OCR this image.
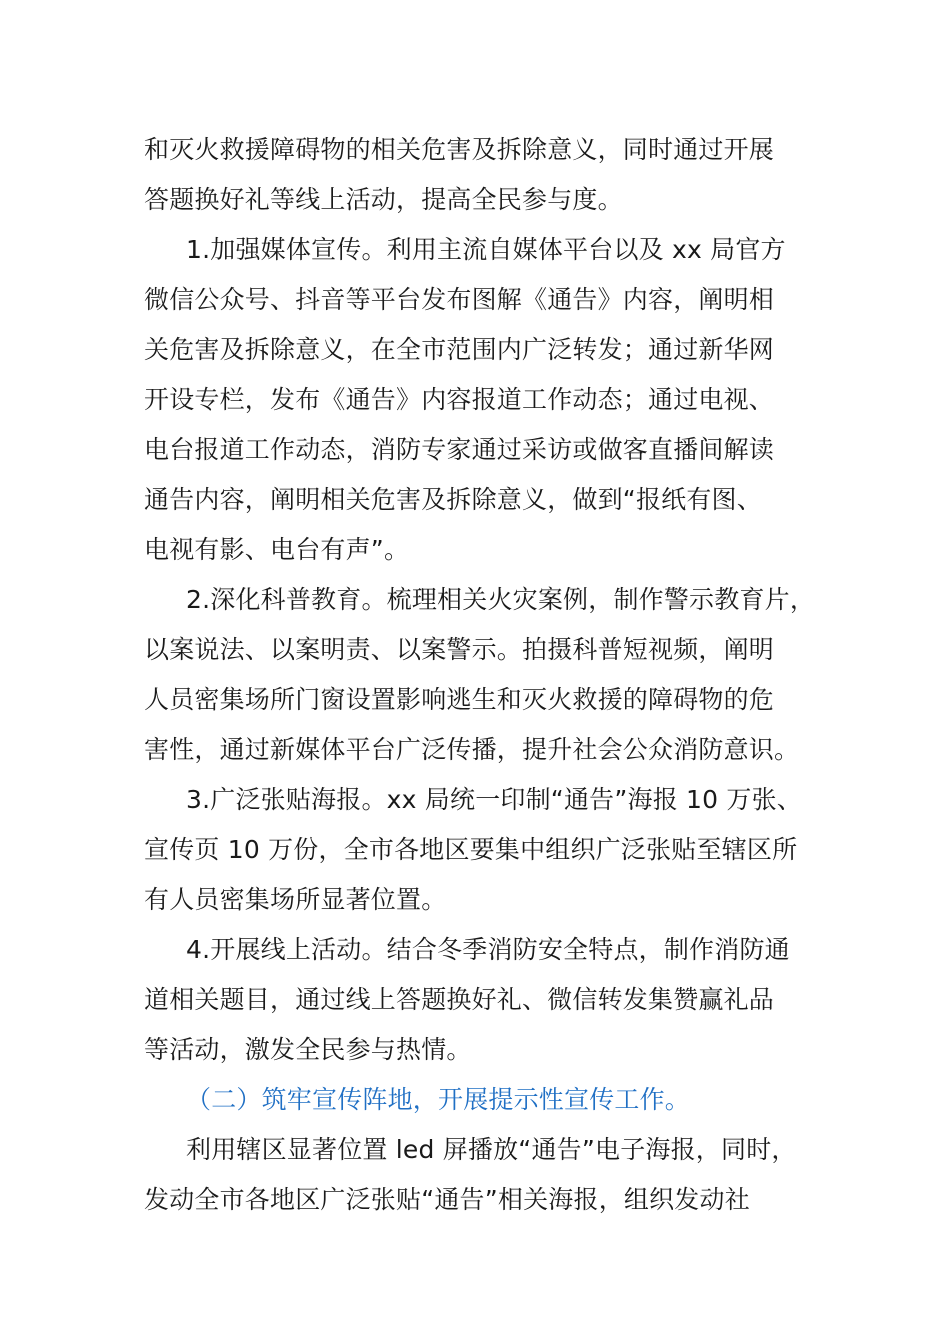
和灭火救援障碍物的相关危害及拆除意义，同时通过开展
答题换好礼等线上活动，提高全民参与度。
1.加强媒体宣传。利用主流自媒体平台以及 xx 局官方
微信公众号、抖音等平台发布图解《通告》内容，阐明相
关危害及拆除意义，在全市范围内广泛转发；通过新华网
开设专栏，发布《通告》内容报道工作动态；通过电视、
电台报道工作动态，消防专家通过采访或做客直播间解读
通告内容，阐明相关危害及拆除意义，做到“报纸有图、
电视有影、电台有声”。
2.深化科普教育。梳理相关火灾案例，制作警示教育片，
以案说法、以案明责、以案警示。拍摄科普短视频，阐明
人员密集场所门窗设置影响逃生和灭火救援的障碍物的危
害性，通过新媒体平台广泛传播，提升社会公众消防意识。
3.广泛张贴海报。xx 局统一印制“通告”海报 10 万张、
宣传页 10 万份，全市各地区要集中组织广泛张贴至辖区所
有人员密集场所显著位置。
4.开展线上活动。结合冬季消防安全特点，制作消防通
道相关题目，通过线上答题换好礼、微信转发集赞赢礼品
等活动，激发全民参与热情。
（二）筑牢宣传阵地，开展提示性宣传工作。
利用辖区显著位置 led 屏播放“通告”电子海报，同时，
发动全市各地区广泛张贴“通告”相关海报，组织发动社
